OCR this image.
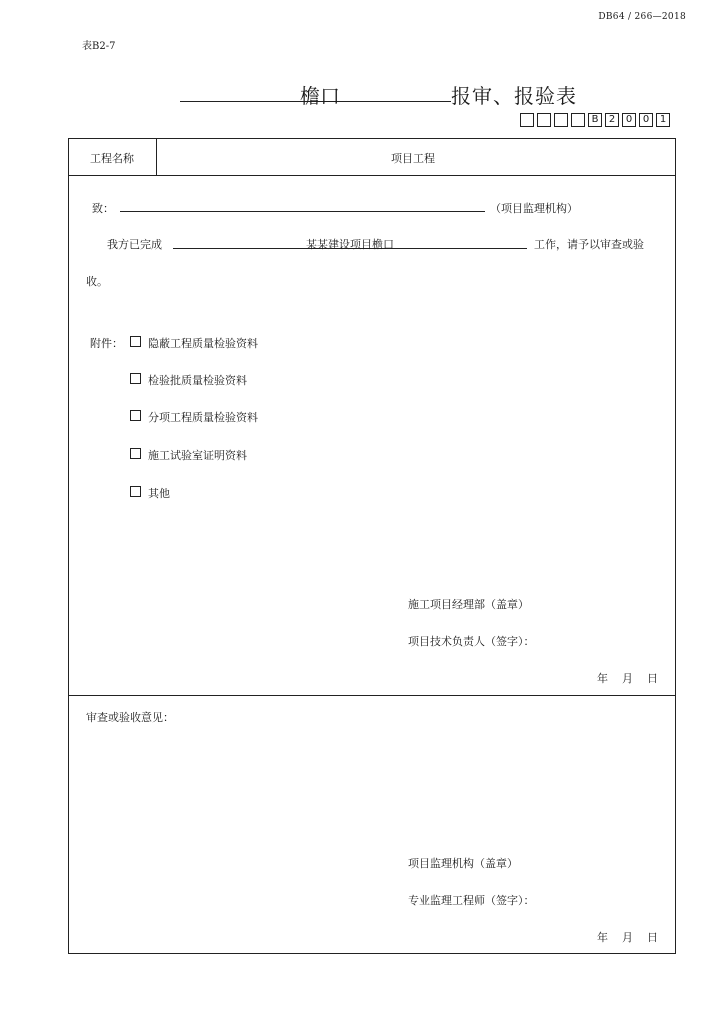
DB64 / 266—2018
表B2-7
檐口	报审、报验表
B	2	0	0	1
工程名称	项目工程
致：	（项目监理机构）
我方已完成	某某建设项目檐口	工作，请予以审查或验
收。
附件： 隐蔽工程质量检验资料
检验批质量检验资料
分项工程质量检验资料
施工试验室证明资料
其他
施工项目经理部（盖章）
项目技术负责人（签字）：
年    月    日
审查或验收意见：
项目监理机构（盖章）
专业监理工程师（签字）：
年    月    日
